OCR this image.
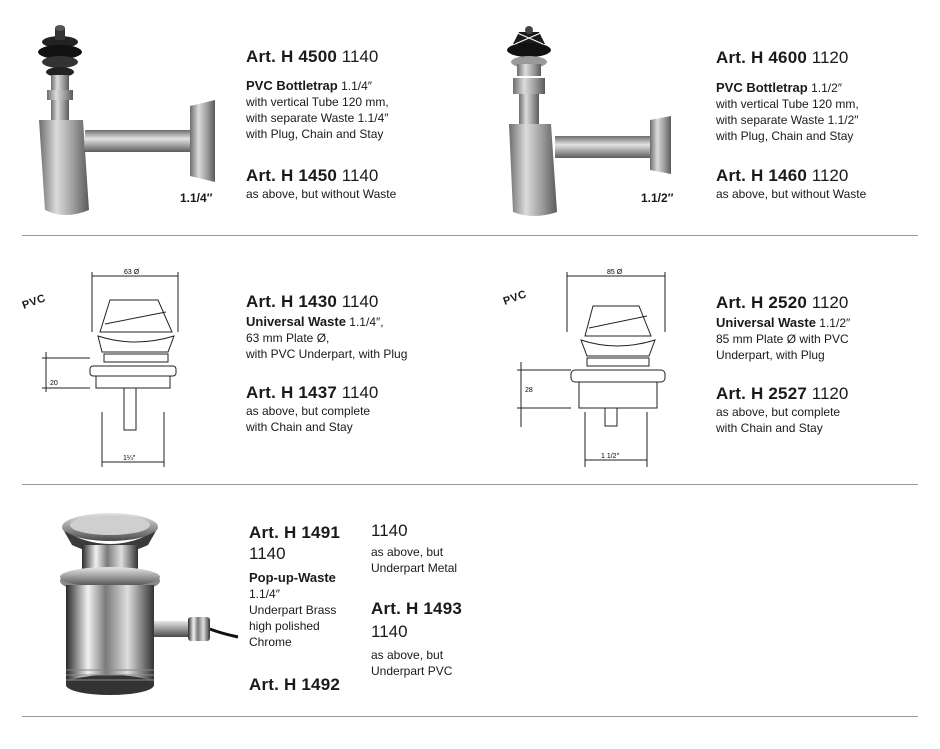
1.1/4″
Art. H 4500 1140
PVC Bottletrap 1.1/4″
with vertical Tube 120 mm,
with separate Waste 1.1/4″
with Plug, Chain and Stay
Art. H 1450 1140
as above, but without Waste	1.1/2″
Art. H 4600 1120
PVC Bottletrap 1.1/2″
with vertical Tube 120 mm,
with separate Waste 1.1/2″
with Plug, Chain and Stay
Art. H 1460 1120
as above, but without Waste
PVC
63 Ø
20
1¼″
Art. H 1430 1140
Universal Waste 1.1/4″,
63 mm Plate Ø,
with PVC Underpart, with Plug
Art. H 1437 1140
as above, but complete
with Chain and Stay
PVC
85 Ø
28
1 1/2″
Art. H 2520 1120
Universal Waste 1.1/2″
85 mm Plate Ø with PVC
Underpart, with Plug
Art. H 2527 1120
as above, but complete
with Chain and Stay
Art. H 1491
1140
Pop-up-Waste
1.1/4″
Underpart Brass
high polished
Chrome
Art. H 1492
1140
as above, but
Underpart Metal
Art. H 1493
1140
as above, but
Underpart PVC
